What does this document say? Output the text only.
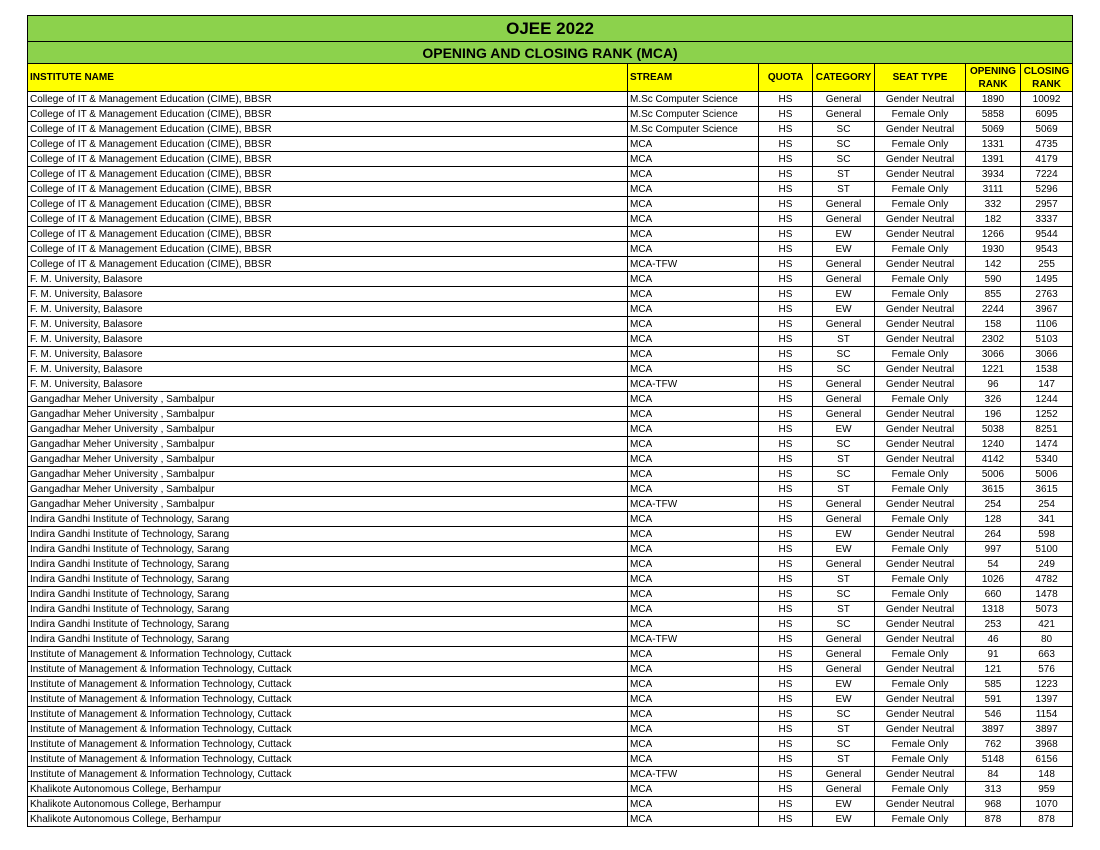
OJEE 2022						
OPENING AND CLOSING RANK (MCA)						
INSTITUTE NAME	STREAM	QUOTA	CATEGORY	SEAT TYPE	OPENING RANK	CLOSING RANK
College of IT & Management Education (CIME), BBSR	M.Sc Computer Science	HS	General	Gender Neutral	1890	10092
College of IT & Management Education (CIME), BBSR	M.Sc Computer Science	HS	General	Female Only	5858	6095
College of IT & Management Education (CIME), BBSR	M.Sc Computer Science	HS	SC	Gender Neutral	5069	5069
College of IT & Management Education (CIME), BBSR	MCA	HS	SC	Female Only	1331	4735
College of IT & Management Education (CIME), BBSR	MCA	HS	SC	Gender Neutral	1391	4179
College of IT & Management Education (CIME), BBSR	MCA	HS	ST	Gender Neutral	3934	7224
College of IT & Management Education (CIME), BBSR	MCA	HS	ST	Female Only	3111	5296
College of IT & Management Education (CIME), BBSR	MCA	HS	General	Female Only	332	2957
College of IT & Management Education (CIME), BBSR	MCA	HS	General	Gender Neutral	182	3337
College of IT & Management Education (CIME), BBSR	MCA	HS	EW	Gender Neutral	1266	9544
College of IT & Management Education (CIME), BBSR	MCA	HS	EW	Female Only	1930	9543
College of IT & Management Education (CIME), BBSR	MCA-TFW	HS	General	Gender Neutral	142	255
F. M. University, Balasore	MCA	HS	General	Female Only	590	1495
F. M. University, Balasore	MCA	HS	EW	Female Only	855	2763
F. M. University, Balasore	MCA	HS	EW	Gender Neutral	2244	3967
F. M. University, Balasore	MCA	HS	General	Gender Neutral	158	1106
F. M. University, Balasore	MCA	HS	ST	Gender Neutral	2302	5103
F. M. University, Balasore	MCA	HS	SC	Female Only	3066	3066
F. M. University, Balasore	MCA	HS	SC	Gender Neutral	1221	1538
F. M. University, Balasore	MCA-TFW	HS	General	Gender Neutral	96	147
Gangadhar Meher University , Sambalpur	MCA	HS	General	Female Only	326	1244
Gangadhar Meher University , Sambalpur	MCA	HS	General	Gender Neutral	196	1252
Gangadhar Meher University , Sambalpur	MCA	HS	EW	Gender Neutral	5038	8251
Gangadhar Meher University , Sambalpur	MCA	HS	SC	Gender Neutral	1240	1474
Gangadhar Meher University , Sambalpur	MCA	HS	ST	Gender Neutral	4142	5340
Gangadhar Meher University , Sambalpur	MCA	HS	SC	Female Only	5006	5006
Gangadhar Meher University , Sambalpur	MCA	HS	ST	Female Only	3615	3615
Gangadhar Meher University , Sambalpur	MCA-TFW	HS	General	Gender Neutral	254	254
Indira Gandhi Institute of Technology, Sarang	MCA	HS	General	Female Only	128	341
Indira Gandhi Institute of Technology, Sarang	MCA	HS	EW	Gender Neutral	264	598
Indira Gandhi Institute of Technology, Sarang	MCA	HS	EW	Female Only	997	5100
Indira Gandhi Institute of Technology, Sarang	MCA	HS	General	Gender Neutral	54	249
Indira Gandhi Institute of Technology, Sarang	MCA	HS	ST	Female Only	1026	4782
Indira Gandhi Institute of Technology, Sarang	MCA	HS	SC	Female Only	660	1478
Indira Gandhi Institute of Technology, Sarang	MCA	HS	ST	Gender Neutral	1318	5073
Indira Gandhi Institute of Technology, Sarang	MCA	HS	SC	Gender Neutral	253	421
Indira Gandhi Institute of Technology, Sarang	MCA-TFW	HS	General	Gender Neutral	46	80
Institute of Management & Information Technology, Cuttack	MCA	HS	General	Female Only	91	663
Institute of Management & Information Technology, Cuttack	MCA	HS	General	Gender Neutral	121	576
Institute of Management & Information Technology, Cuttack	MCA	HS	EW	Female Only	585	1223
Institute of Management & Information Technology, Cuttack	MCA	HS	EW	Gender Neutral	591	1397
Institute of Management & Information Technology, Cuttack	MCA	HS	SC	Gender Neutral	546	1154
Institute of Management & Information Technology, Cuttack	MCA	HS	ST	Gender Neutral	3897	3897
Institute of Management & Information Technology, Cuttack	MCA	HS	SC	Female Only	762	3968
Institute of Management & Information Technology, Cuttack	MCA	HS	ST	Female Only	5148	6156
Institute of Management & Information Technology, Cuttack	MCA-TFW	HS	General	Gender Neutral	84	148
Khalikote Autonomous College, Berhampur	MCA	HS	General	Female Only	313	959
Khalikote Autonomous College, Berhampur	MCA	HS	EW	Gender Neutral	968	1070
Khalikote Autonomous College, Berhampur	MCA	HS	EW	Female Only	878	878
